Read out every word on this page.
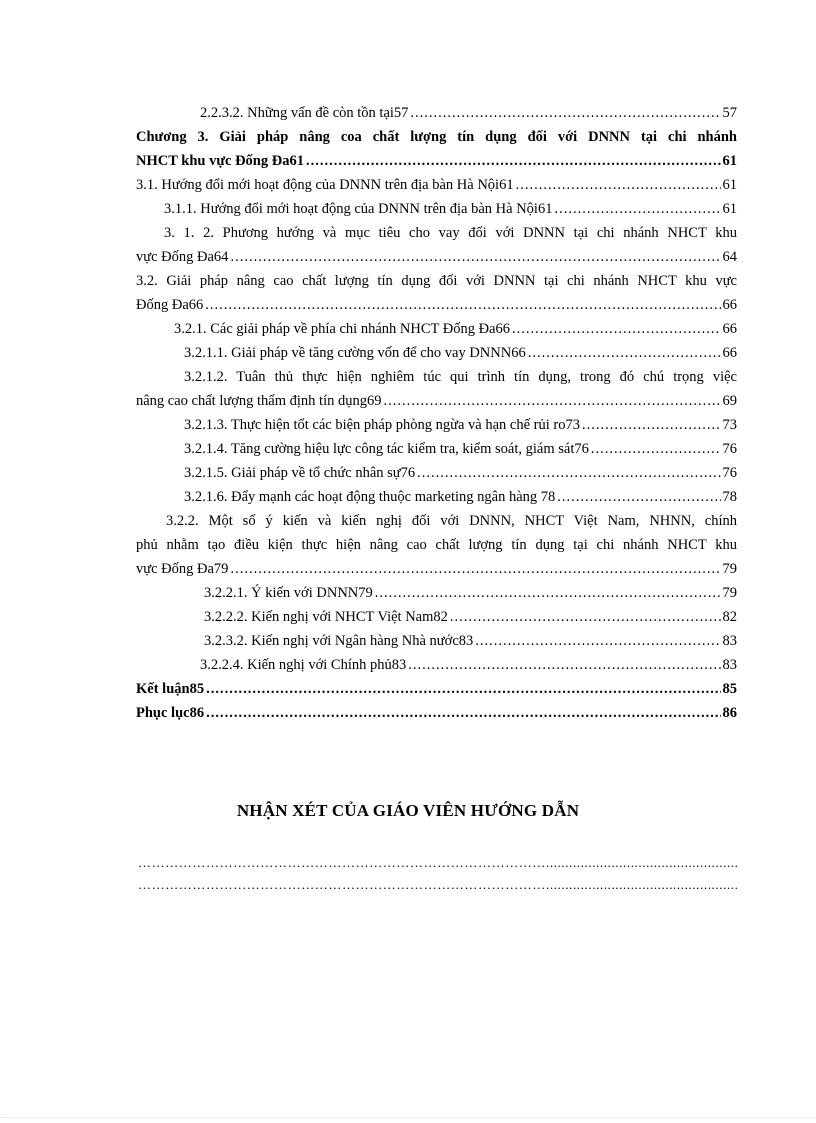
2.2.3.2. Những vấn đề còn tồn tại57 .....	57
Chương 3. Giải pháp nâng coa chất lượng tín dụng đối với DNNN tại chi nhánh
NHCT khu vực Đống Đa61 .....	61
3.1. Hướng đổi mới hoạt động của DNNN trên địa bàn Hà Nội61 .....	61
3.1.1. Hướng đổi mới hoạt động của DNNN trên địa bàn Hà Nội61 .....	61
3. 1. 2. Phương hướng và mục tiêu cho vay đối với DNNN tại chi nhánh NHCT khu
vực Đống Đa64 .....	64
3.2. Giải pháp nâng cao chất lượng tín dụng đối với DNNN tại chi nhánh NHCT khu vực
Đống Đa66 .....	66
3.2.1. Các giải pháp về phía chi nhánh NHCT Đống Đa66 .....	66
3.2.1.1. Giải pháp về tăng cường vốn để cho vay DNNN66 .....	66
3.2.1.2. Tuân thủ thực hiện nghiêm túc qui trình tín dụng, trong đó chú trọng việc
nâng cao chất lượng thẩm định tín dụng69 .....	69
3.2.1.3. Thực hiện tốt các biện pháp phòng ngừa và hạn chế rủi ro73 .....	73
3.2.1.4. Tăng cường hiệu lực công tác kiểm tra, kiểm soát, giám sát76 .....	76
3.2.1.5. Giải pháp về tổ chức nhân sự76 .....	76
3.2.1.6. Đẩy mạnh các hoạt động thuộc marketing ngân hàng 78 .....	78
3.2.2. Một số ý kiến và kiến nghị đối với DNNN, NHCT Việt Nam, NHNN, chính
phủ nhằm tạo điều kiện thực hiện nâng cao chất lượng tín dụng tại chi nhánh NHCT khu
vực Đống Đa79 .....	79
3.2.2.1. Ý kiến với DNNN79 .....	79
3.2.2.2. Kiến nghị với NHCT Việt Nam82 .....	82
3.2.3.2. Kiến nghị với Ngân hàng Nhà nước83 .....	83
3.2.2.4. Kiến nghị với Chính phủ83 .....	83
Kết luận85 .....	85
Phục lục86 .....	86
NHẬN XÉT CỦA GIÁO VIÊN HƯỚNG DẪN
………………………………………………………………………………..................................................................................................................................
………………………………………………………………………………..................................................................................................................................
